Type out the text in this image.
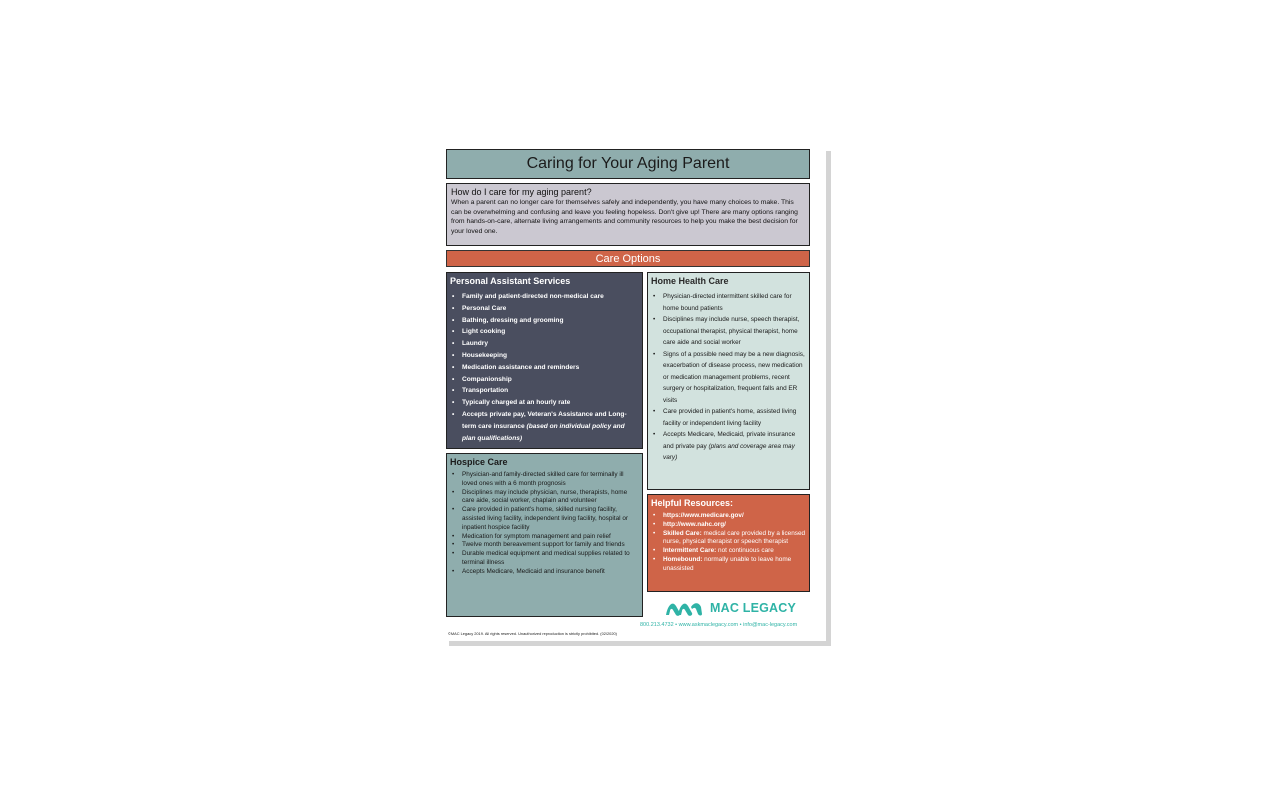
Caring for Your Aging Parent
How do I care for my aging parent?

When a parent can no longer care for themselves safely and independently, you have many choices to make. This can be overwhelming and confusing and leave you feeling hopeless. Don't give up! There are many options ranging from hands-on-care, alternate living arrangements and community resources to help you make the best decision for your loved one.

Care Options
Personal Assistant Services
• Family and patient-directed non-medical care
• Personal Care
• Bathing, dressing and grooming
• Light cooking
• Laundry
• Housekeeping
• Medication assistance and reminders
• Companionship
• Transportation
• Typically charged at an hourly rate
• Accepts private pay, Veteran's Assistance and Long-term care insurance (based on individual policy and plan qualifications)
Hospice Care
• Physician-and family-directed skilled care for terminally ill loved ones with a 6 month prognosis
• Disciplines may include physician, nurse, therapists, home care aide, social worker, chaplain and volunteer
• Care provided in patient's home, skilled nursing facility, assisted living facility, independent living facility, hospital or inpatient hospice facility
• Medication for symptom management and pain relief
• Twelve month bereavement support for family and friends
• Durable medical equipment and medical supplies related to terminal illness
• Accepts Medicare, Medicaid and insurance benefit
Home Health Care
• Physician-directed intermittent skilled care for home bound patients
• Disciplines may include nurse, speech therapist, occupational therapist, physical therapist, home care aide and social worker
• Signs of a possible need may be a new diagnosis, exacerbation of disease process, new medication or medication management problems, recent surgery or hospitalization, frequent falls and ER visits
• Care provided in patient's home, assisted living facility or independent living facility
• Accepts Medicare, Medicaid, private insurance and private pay (plans and coverage area may vary)
Helpful Resources:
• https://www.medicare.gov/
• http://www.nahc.org/
• Skilled Care: medical care provided by a licensed nurse, physical therapist or speech therapist
• Intermittent Care: not continuous care
• Homebound: normally unable to leave home unassisted
MAC LEGACY
800.213.4732 • www.askmaclegacy.com • info@mac-legacy.com
©MAC Legacy 2019. All rights reserved. Unauthorized reproduction is strictly prohibited. (02/2020)
